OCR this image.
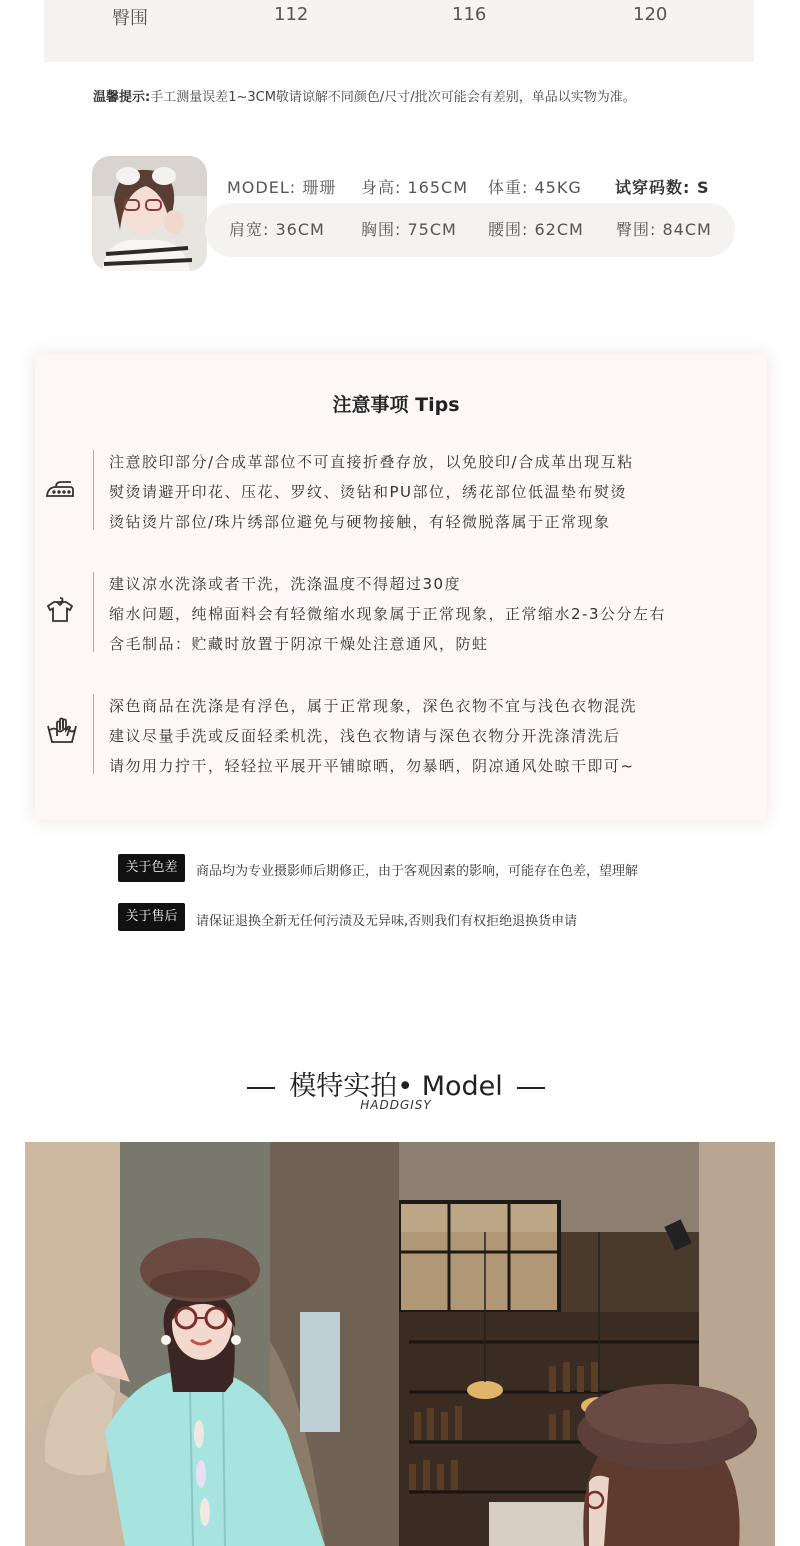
臀围	112	116	120
温馨提示:手工测量误差1~3CM敬请谅解不同颜色/尺寸/批次可能会有差别，单品以实物为准。
MODEL: 珊珊 身高: 165CM 体重: 45KG 试穿码数: S
肩宽: 36CM 胸围: 75CM 腰围: 62CM 臀围: 84CM
注意事项 Tips
注意胶印部分/合成革部位不可直接折叠存放，以免胶印/合成革出现互粘
熨烫请避开印花、压花、罗纹、烫钻和PU部位，绣花部位低温垫布熨烫
烫钻烫片部位/珠片绣部位避免与硬物接触，有轻微脱落属于正常现象
建议凉水洗涤或者干洗，洗涤温度不得超过30度
缩水问题，纯棉面料会有轻微缩水现象属于正常现象，正常缩水2-3公分左右
含毛制品：贮藏时放置于阴凉干燥处注意通风，防蛀
深色商品在洗涤是有浮色，属于正常现象，深色衣物不宜与浅色衣物混洗
建议尽量手洗或反面轻柔机洗，浅色衣物请与深色衣物分开洗涤清洗后
请勿用力拧干，轻轻拉平展开平铺晾晒，勿暴晒，阴凉通风处晾干即可~
关于色差	商品均为专业摄影师后期修正，由于客观因素的影响，可能存在色差，望理解
关于售后	请保证退换全新无任何污渍及无异味,否则我们有权拒绝退换货申请
模特实拍• Model
HADDGISY
